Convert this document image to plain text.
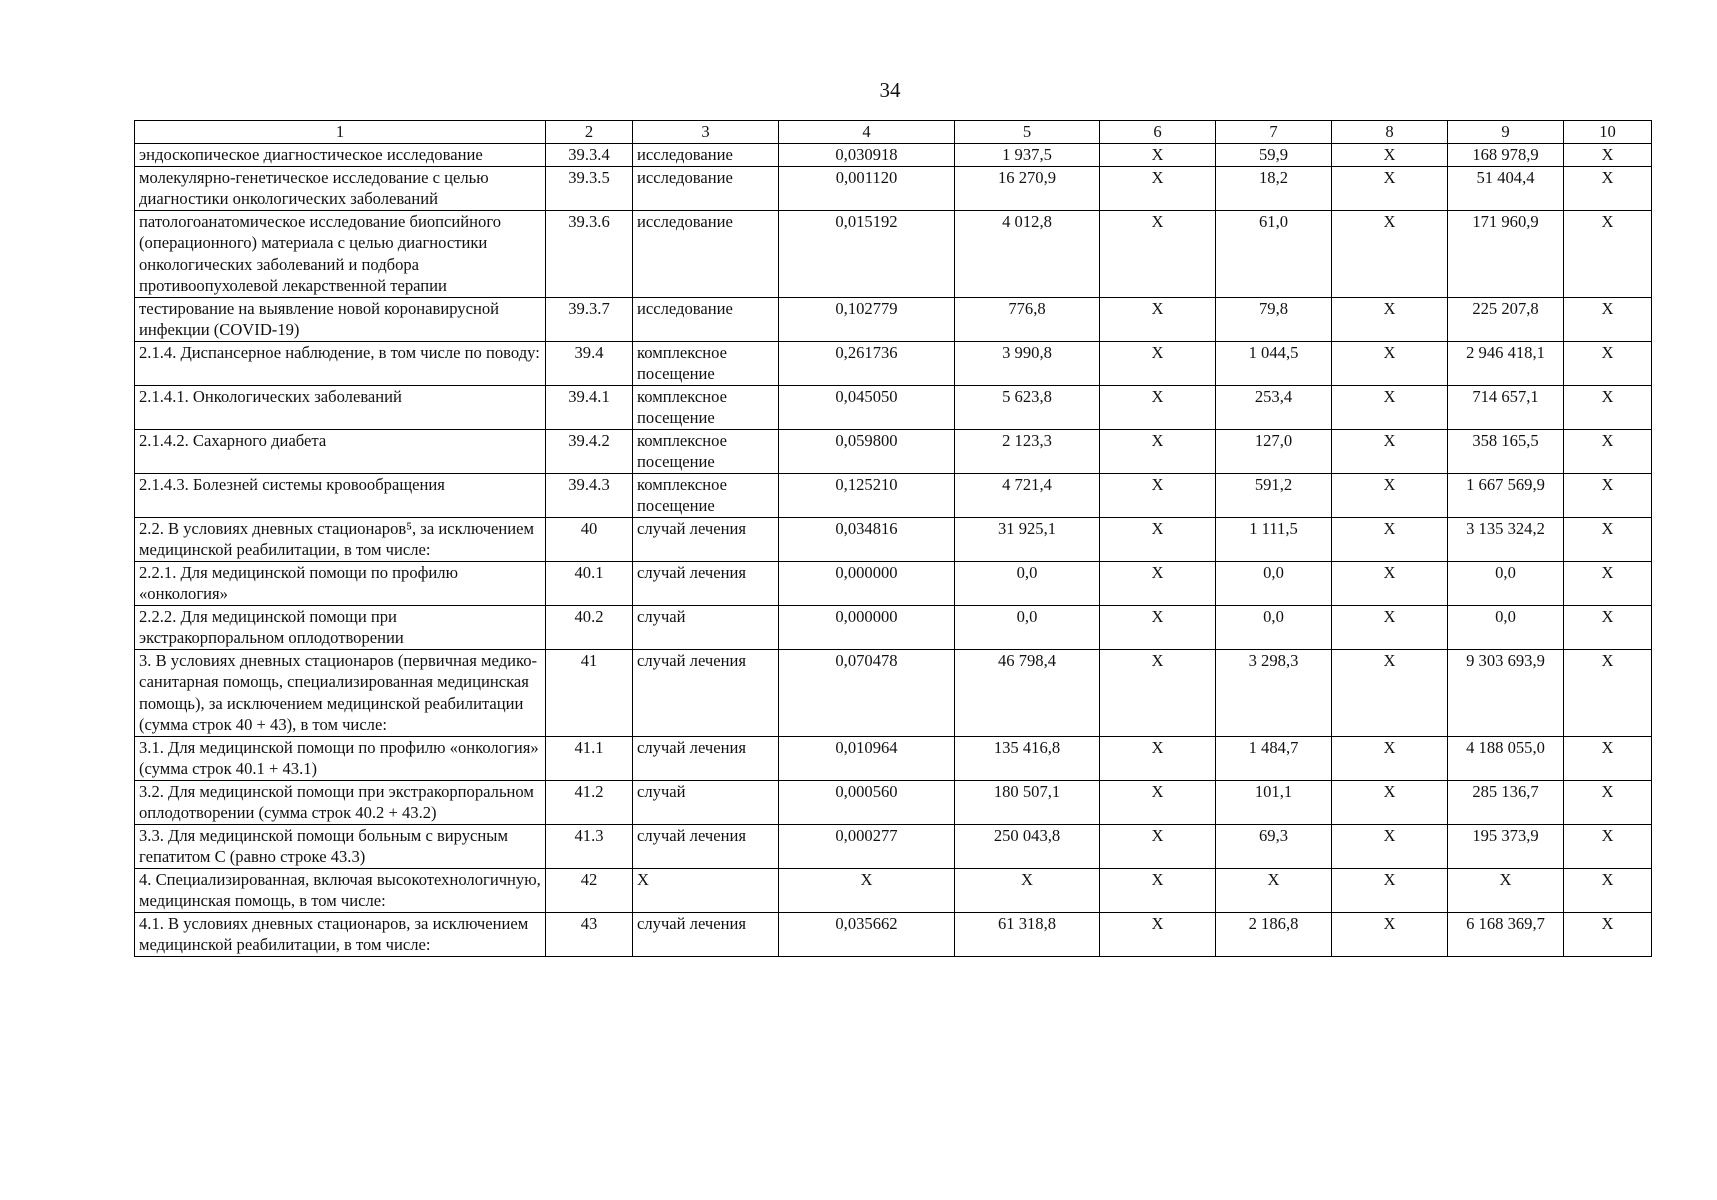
34
1	2	3	4	5	6	7	8	9	10
эндоскопическое диагностическое исследование	39.3.4	исследование	0,030918	1 937,5	Х	59,9	Х	168 978,9	Х
молекулярно-генетическое исследование с целью диагностики онкологических заболеваний	39.3.5	исследование	0,001120	16 270,9	Х	18,2	Х	51 404,4	Х
патологоанатомическое исследование биопсийного (операционного) материала с целью диагностики онкологических заболеваний и подбора противоопухолевой лекарственной терапии	39.3.6	исследование	0,015192	4 012,8	Х	61,0	Х	171 960,9	Х
тестирование на выявление новой коронавирусной инфекции (COVID-19)	39.3.7	исследование	0,102779	776,8	Х	79,8	Х	225 207,8	Х
2.1.4. Диспансерное наблюдение, в том числе по поводу:	39.4	комплексное посещение	0,261736	3 990,8	Х	1 044,5	Х	2 946 418,1	Х
2.1.4.1. Онкологических заболеваний	39.4.1	комплексное посещение	0,045050	5 623,8	Х	253,4	Х	714 657,1	Х
2.1.4.2. Сахарного диабета	39.4.2	комплексное посещение	0,059800	2 123,3	Х	127,0	Х	358 165,5	Х
2.1.4.3. Болезней системы кровообращения	39.4.3	комплексное посещение	0,125210	4 721,4	Х	591,2	Х	1 667 569,9	Х
2.2. В условиях дневных стационаров⁵, за исключением медицинской реабилитации, в том числе:	40	случай лечения	0,034816	31 925,1	Х	1 111,5	Х	3 135 324,2	Х
2.2.1. Для медицинской помощи по профилю «онкология»	40.1	случай лечения	0,000000	0,0	Х	0,0	Х	0,0	Х
2.2.2. Для медицинской помощи при экстракорпоральном оплодотворении	40.2	случай	0,000000	0,0	Х	0,0	Х	0,0	Х
3. В условиях дневных стационаров (первичная медико-санитарная помощь, специализированная медицинская помощь), за исключением медицинской реабилитации (сумма строк 40 + 43), в том числе:	41	случай лечения	0,070478	46 798,4	Х	3 298,3	Х	9 303 693,9	Х
3.1. Для медицинской помощи по профилю «онкология» (сумма строк 40.1 + 43.1)	41.1	случай лечения	0,010964	135 416,8	Х	1 484,7	Х	4 188 055,0	Х
3.2. Для медицинской помощи при экстракорпоральном оплодотворении (сумма строк 40.2 + 43.2)	41.2	случай	0,000560	180 507,1	Х	101,1	Х	285 136,7	Х
3.3. Для медицинской помощи больным с вирусным гепатитом С (равно строке 43.3)	41.3	случай лечения	0,000277	250 043,8	Х	69,3	Х	195 373,9	Х
4. Специализированная, включая высокотехнологичную, медицинская помощь, в том числе:	42	Х	Х	Х	Х	Х	Х	Х	Х
4.1. В условиях дневных стационаров, за исключением медицинской реабилитации, в том числе:	43	случай лечения	0,035662	61 318,8	Х	2 186,8	Х	6 168 369,7	Х
